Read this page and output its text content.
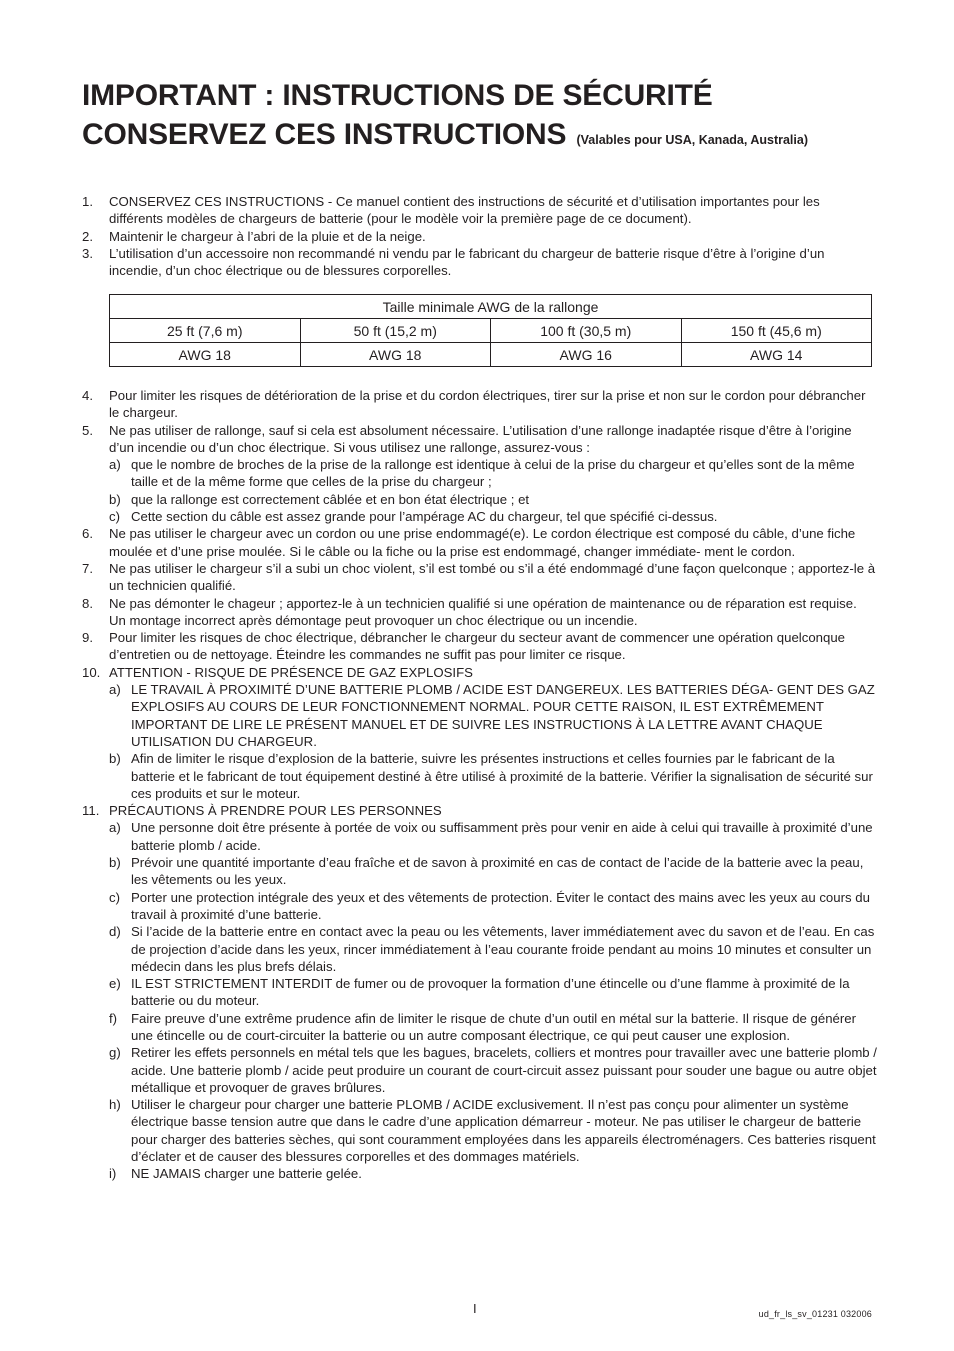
IMPORTANT : INSTRUCTIONS DE SÉCURITÉ
CONSERVEZ CES INSTRUCTIONS (Valables pour USA, Kanada, Australia)
1. CONSERVEZ CES INSTRUCTIONS - Ce manuel contient des instructions de sécurité et d’utilisation importantes pour les différents modèles de chargeurs de batterie (pour le modèle voir la première page de ce document).
2. Maintenir le chargeur à l’abri de la pluie et de la neige.
3. L’utilisation d’un accessoire non recommandé ni vendu par le fabricant du chargeur de batterie risque d’être à l’origine d’un incendie, d’un choc électrique ou de blessures corporelles.
Taille minimale AWG de la rallonge			
25 ft (7,6 m)	50 ft (15,2 m)	100 ft (30,5 m)	150 ft (45,6 m)
AWG 18	AWG 18	AWG 16	AWG 14
4. Pour limiter les risques de détérioration de la prise et du cordon électriques, tirer sur la prise et non sur le cordon pour débrancher le chargeur.
5. Ne pas utiliser de rallonge, sauf si cela est absolument nécessaire. L’utilisation d’une rallonge inadaptée risque d’être à l’origine d’un incendie ou d’un choc électrique. Si vous utilisez une rallonge, assurez-vous :
a) que le nombre de broches de la prise de la rallonge est identique à celui de la prise du chargeur et qu’elles sont de la même taille et de la même forme que celles de la prise du chargeur ;
b) que la rallonge est correctement câblée et en bon état électrique ; et
c) Cette section du câble est assez grande pour l’ampérage AC du chargeur, tel que spécifié ci-dessus.
6. Ne pas utiliser le chargeur avec un cordon ou une prise endommagé(e). Le cordon électrique est composé du câble, d’une fiche moulée et d’une prise moulée. Si le câble ou la fiche ou la prise est endommagé, changer immédiate- ment le cordon.
7. Ne pas utiliser le chargeur s’il a subi un choc violent, s’il est tombé ou s’il a été endommagé d’une façon quelconque ; apportez-le à un technicien qualifié.
8. Ne pas démonter le chageur ; apportez-le à un technicien qualifié si une opération de maintenance ou de réparation est requise. Un montage incorrect après démontage peut provoquer un choc électrique ou un incendie.
9. Pour limiter les risques de choc électrique, débrancher le chargeur du secteur avant de commencer une opération quelconque d’entretien ou de nettoyage. Éteindre les commandes ne suffit pas pour limiter ce risque.
10. ATTENTION - RISQUE DE PRÉSENCE DE GAZ EXPLOSIFS
a) LE TRAVAIL À PROXIMITÉ D’UNE BATTERIE PLOMB / ACIDE EST DANGEREUX. LES BATTERIES DÉGA- GENT DES GAZ EXPLOSIFS AU COURS DE LEUR FONCTIONNEMENT NORMAL. POUR CETTE RAISON, IL EST EXTRÊMEMENT IMPORTANT DE LIRE LE PRÉSENT MANUEL ET DE SUIVRE LES INSTRUCTIONS À LA LETTRE AVANT CHAQUE UTILISATION DU CHARGEUR.
b) Afin de limiter le risque d’explosion de la batterie, suivre les présentes instructions et celles fournies par le fabricant de la batterie et le fabricant de tout équipement destiné à être utilisé à proximité de la batterie. Vérifier la signalisation de sécurité sur ces produits et sur le moteur.
11. PRÉCAUTIONS À PRENDRE POUR LES PERSONNES
a) Une personne doit être présente à portée de voix ou suffisamment près pour venir en aide à celui qui travaille à proximité d’une batterie plomb / acide.
b) Prévoir une quantité importante d’eau fraîche et de savon à proximité en cas de contact de l’acide de la batterie avec la peau, les vêtements ou les yeux.
c) Porter une protection intégrale des yeux et des vêtements de protection. Éviter le contact des mains avec les yeux au cours du travail à proximité d’une batterie.
d) Si l’acide de la batterie entre en contact avec la peau ou les vêtements, laver immédiatement avec du savon et de l’eau. En cas de projection d’acide dans les yeux, rincer immédiatement à l’eau courante froide pendant au moins 10 minutes et consulter un médecin dans les plus brefs délais.
e) IL EST STRICTEMENT INTERDIT de fumer ou de provoquer la formation d’une étincelle ou d’une flamme à proximité de la batterie ou du moteur.
f) Faire preuve d’une extrême prudence afin de limiter le risque de chute d’un outil en métal sur la batterie. Il risque de générer une étincelle ou de court-circuiter la batterie ou un autre composant électrique, ce qui peut causer une explosion.
g) Retirer les effets personnels en métal tels que les bagues, bracelets, colliers et montres pour travailler avec une batterie plomb / acide. Une batterie plomb / acide peut produire un courant de court-circuit assez puissant pour souder une bague ou autre objet métallique et provoquer de graves brûlures.
h) Utiliser le chargeur pour charger une batterie PLOMB / ACIDE exclusivement. Il n’est pas conçu pour alimenter un système électrique basse tension autre que dans le cadre d’une application démarreur - moteur. Ne pas utiliser le chargeur de batterie pour charger des batteries sèches, qui sont couramment employées dans les appareils électroménagers. Ces batteries risquent d’éclater et de causer des blessures corporelles et des dommages matériels.
i) NE JAMAIS charger une batterie gelée.
I	ud_fr_ls_sv_01231 032006
